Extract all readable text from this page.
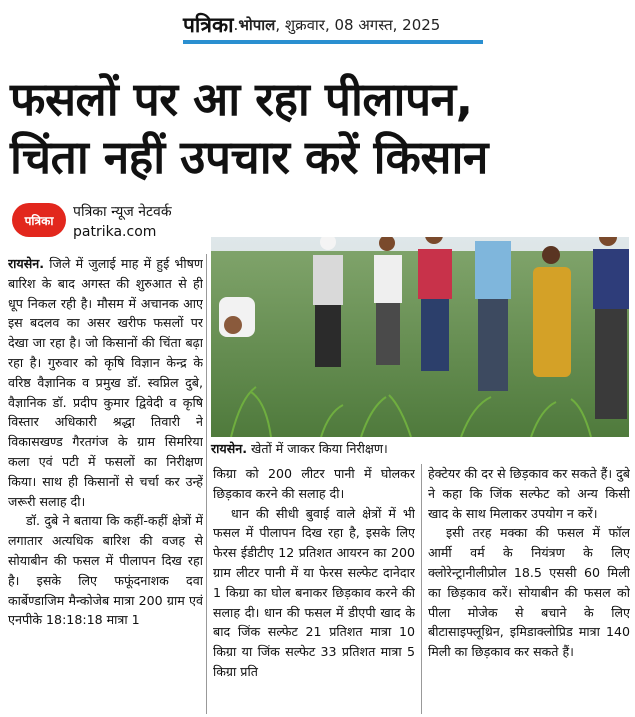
पत्रिका . भोपाल , शुक्रवार, 08 अगस्त, 2025
फसलों पर आ रहा पीलापन,
चिंता नहीं उपचार करें किसान
पत्रिका
पत्रिका न्यूज नेटवर्क
patrika.com

रायसेन. जिले में जुलाई माह में हुई भीषण बारिश के बाद अगस्त की शुरुआत से ही धूप निकल रही है। मौसम में अचानक आए इस बदलव का असर खरीफ फसलों पर देखा जा रहा है। जो किसानों की चिंता बढ़ा रहा है। गुरुवार को कृषि विज्ञान केन्द्र के वरिष्ठ वैज्ञानिक व प्रमुख डॉ. स्वप्निल दुबे, वैज्ञानिक डॉ. प्रदीप कुमार द्विवेदी व कृषि विस्तार अधिकारी श्रद्धा तिवारी ने विकासखण्ड गैरतगंज के ग्राम सिमरिया कला एवं पटी में फसलों का निरीक्षण किया। साथ ही किसानों से चर्चा कर उन्हें जरूरी सलाह दी।

डॉ. दुबे ने बताया कि कहीं-कहीं क्षेत्रों में लगातार अत्यधिक बारिश की वजह से सोयाबीन की फसल में पीलापन दिख रहा है। इसके लिए फफूंदनाशक दवा कार्बेण्डाजिम मैन्कोजेब मात्रा 200 ग्राम एवं एनपीके 18:18:18 मात्रा 1

रायसेन. खेतों में जाकर किया निरीक्षण।

किग्रा को 200 लीटर पानी में घोलकर छिड़काव करने की सलाह दी।

धान की सीधी बुवाई वाले क्षेत्रों में भी फसल में पीलापन दिख रहा है, इसके लिए फेरस ईडीटीए 12 प्रतिशत आयरन का 200 ग्राम लीटर पानी में या फेरस सल्फेट दानेदार 1 किग्रा का घोल बनाकर छिड़काव करने की सलाह दी। धान की फसल में डीएपी खाद के बाद जिंक सल्फेट 21 प्रतिशत मात्रा 10 किग्रा या जिंक सल्फेट 33 प्रतिशत मात्रा 5 किग्रा प्रति

हेक्टेयर की दर से छिड़काव कर सकते हैं। दुबे ने कहा कि जिंक सल्फेट को अन्य किसी खाद के साथ मिलाकर उपयोग न करें।

इसी तरह मक्का की फसल में फॉल आर्मी वर्म के नियंत्रण के लिए क्लोरेन्ट्रानीलीप्रोल 18.5 एससी 60 मिली का छिड़काव करें। सोयाबीन की फसल को पीला मोजेक से बचाने के लिए बीटासाइफ्लूथ्रिन, इमिडाक्लोप्रिड मात्रा 140 मिली का छिड़काव कर सकते हैं।
